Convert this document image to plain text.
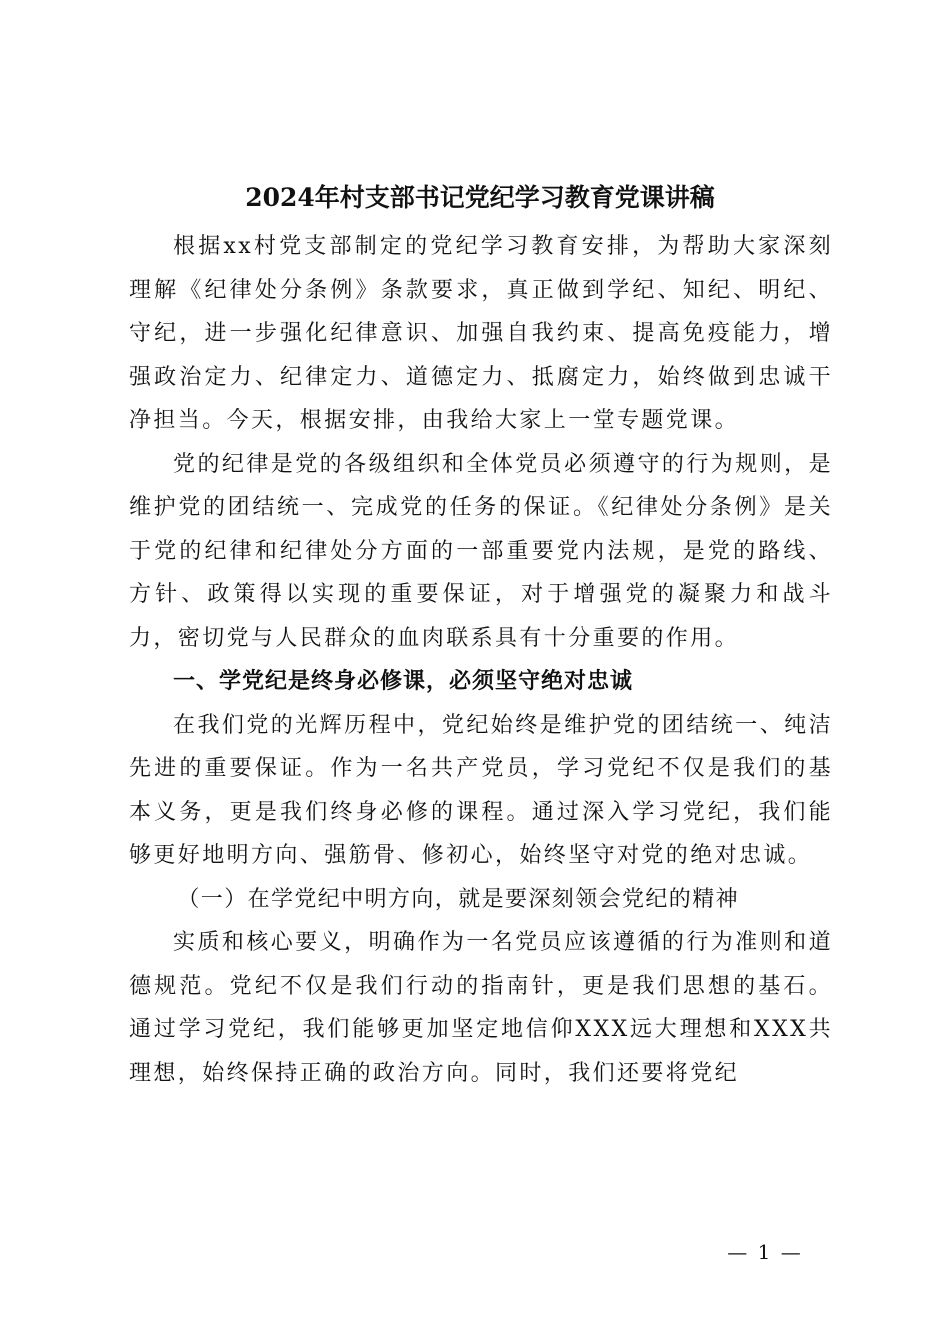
2024年村支部书记党纪学习教育党课讲稿

根据xx村党支部制定的党纪学习教育安排，为帮助大家深刻理解《纪律处分条例》条款要求，真正做到学纪、知纪、明纪、守纪，进一步强化纪律意识、加强自我约束、提高免疫能力，增强政治定力、纪律定力、道德定力、抵腐定力，始终做到忠诚干净担当。今天，根据安排，由我给大家上一堂专题党课。

党的纪律是党的各级组织和全体党员必须遵守的行为规则，是维护党的团结统一、完成党的任务的保证。《纪律处分条例》是关于党的纪律和纪律处分方面的一部重要党内法规，是党的路线、方针、政策得以实现的重要保证，对于增强党的凝聚力和战斗力，密切党与人民群众的血肉联系具有十分重要的作用。

一、学党纪是终身必修课，必须坚守绝对忠诚

在我们党的光辉历程中，党纪始终是维护党的团结统一、纯洁先进的重要保证。作为一名共产党员，学习党纪不仅是我们的基本义务，更是我们终身必修的课程。通过深入学习党纪，我们能够更好地明方向、强筋骨、修初心，始终坚守对党的绝对忠诚。

（一）在学党纪中明方向，就是要深刻领会党纪的精神

实质和核心要义，明确作为一名党员应该遵循的行为准则和道德规范。党纪不仅是我们行动的指南针，更是我们思想的基石。通过学习党纪，我们能够更加坚定地信仰XXX远大理想和XXX共理想，始终保持正确的政治方向。同时，我们还要将党纪

— 1 —
